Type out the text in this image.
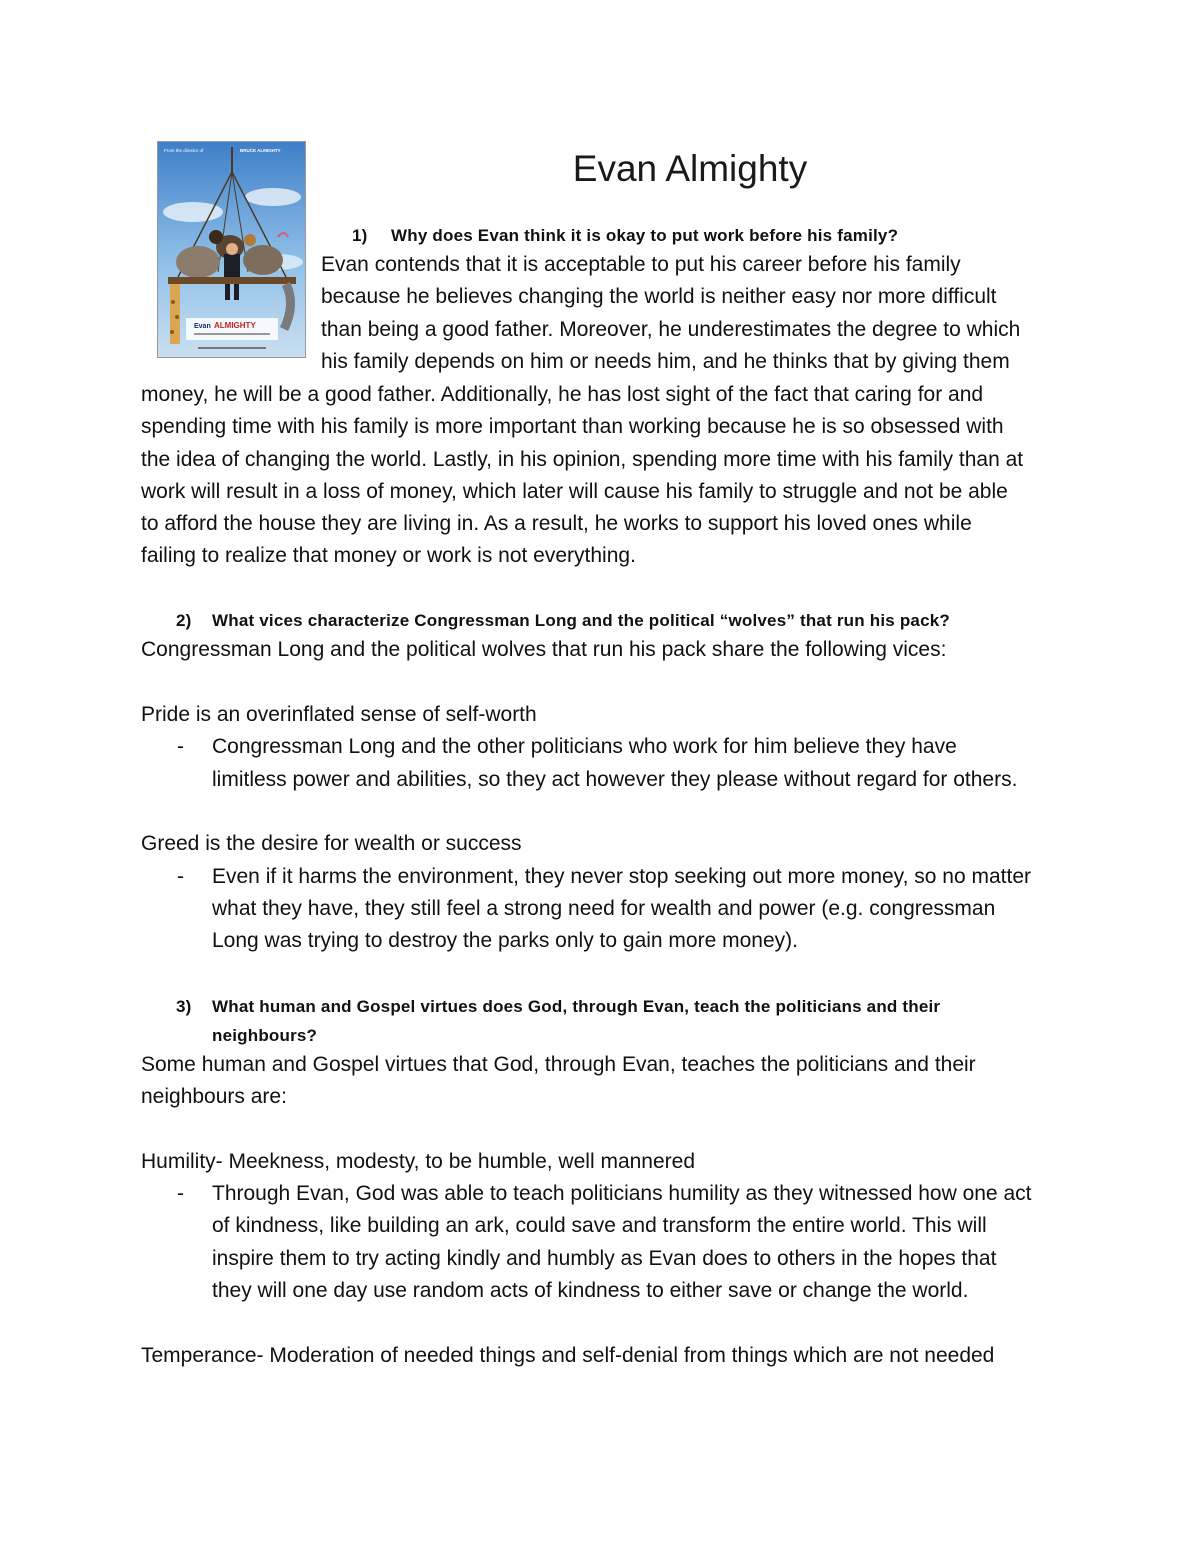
From the director of	BRUCE ALMIGHTY
Evan ALMIGHTY
Evan Almighty
1) Why does Evan think it is okay to put work before his family?
Evan contends that it is acceptable to put his career before his family
because he believes changing the world is neither easy nor more difficult
than being a good father. Moreover, he underestimates the degree to which
his family depends on him or needs him, and he thinks that by giving them
money, he will be a good father. Additionally, he has lost sight of the fact that caring for and
spending time with his family is more important than working because he is so obsessed with
the idea of changing the world. Lastly, in his opinion, spending more time with his family than at
work will result in a loss of money, which later will cause his family to struggle and not be able
to afford the house they are living in. As a result, he works to support his loved ones while
failing to realize that money or work is not everything.
2) What vices characterize Congressman Long and the political “wolves” that run his pack?
Congressman Long and the political wolves that run his pack share the following vices:
Pride is an overinflated sense of self-worth
- Congressman Long and the other politicians who work for him believe they have
limitless power and abilities, so they act however they please without regard for others.
Greed is the desire for wealth or success
- Even if it harms the environment, they never stop seeking out more money, so no matter
what they have, they still feel a strong need for wealth and power (e.g. congressman
Long was trying to destroy the parks only to gain more money).
3) What human and Gospel virtues does God, through Evan, teach the politicians and their
neighbours?
Some human and Gospel virtues that God, through Evan, teaches the politicians and their
neighbours are:
Humility- Meekness, modesty, to be humble, well mannered
- Through Evan, God was able to teach politicians humility as they witnessed how one act
of kindness, like building an ark, could save and transform the entire world. This will
inspire them to try acting kindly and humbly as Evan does to others in the hopes that
they will one day use random acts of kindness to either save or change the world.
Temperance- Moderation of needed things and self-denial from things which are not needed
